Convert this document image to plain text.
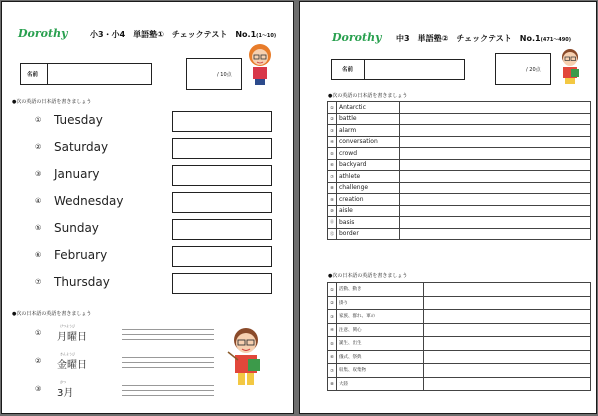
Dorothy	小3・小4　単語塾①　チェックテスト　No.1(1〜10)
名前	/ 10点
●次の英語の日本語を書きましょう
① Tuesday
② Saturday
③ January
④ Wednesday
⑤ Sunday
⑥ February
⑦ Thursday
●次の日本語の英語を書きましょう
①
げつようび
月曜日
②
きんようび
金曜日
③
がつ
3月
Dorothy 中3　単語塾②　チェックテスト　No.1(471〜490)
名前	/ 20点
●次の英語の日本語を書きましょう
①	Antarctic	
②	battle	
③	alarm	
④	conversation	
⑤	crowd	
⑥	backyard	
⑦	athlete	
⑧	challenge	
⑨	creation	
⑩	aisle	
⑪	basis	
⑫	border	
●次の日本語の英語を書きましょう
①	活動、動き	
②	掛り	
③	家族、群れ、軍の	
④	注意、関心	
⑤	誕生、出生	
⑥	儀式、祭典	
⑦	収集、収集物	
⑧	大陸	
